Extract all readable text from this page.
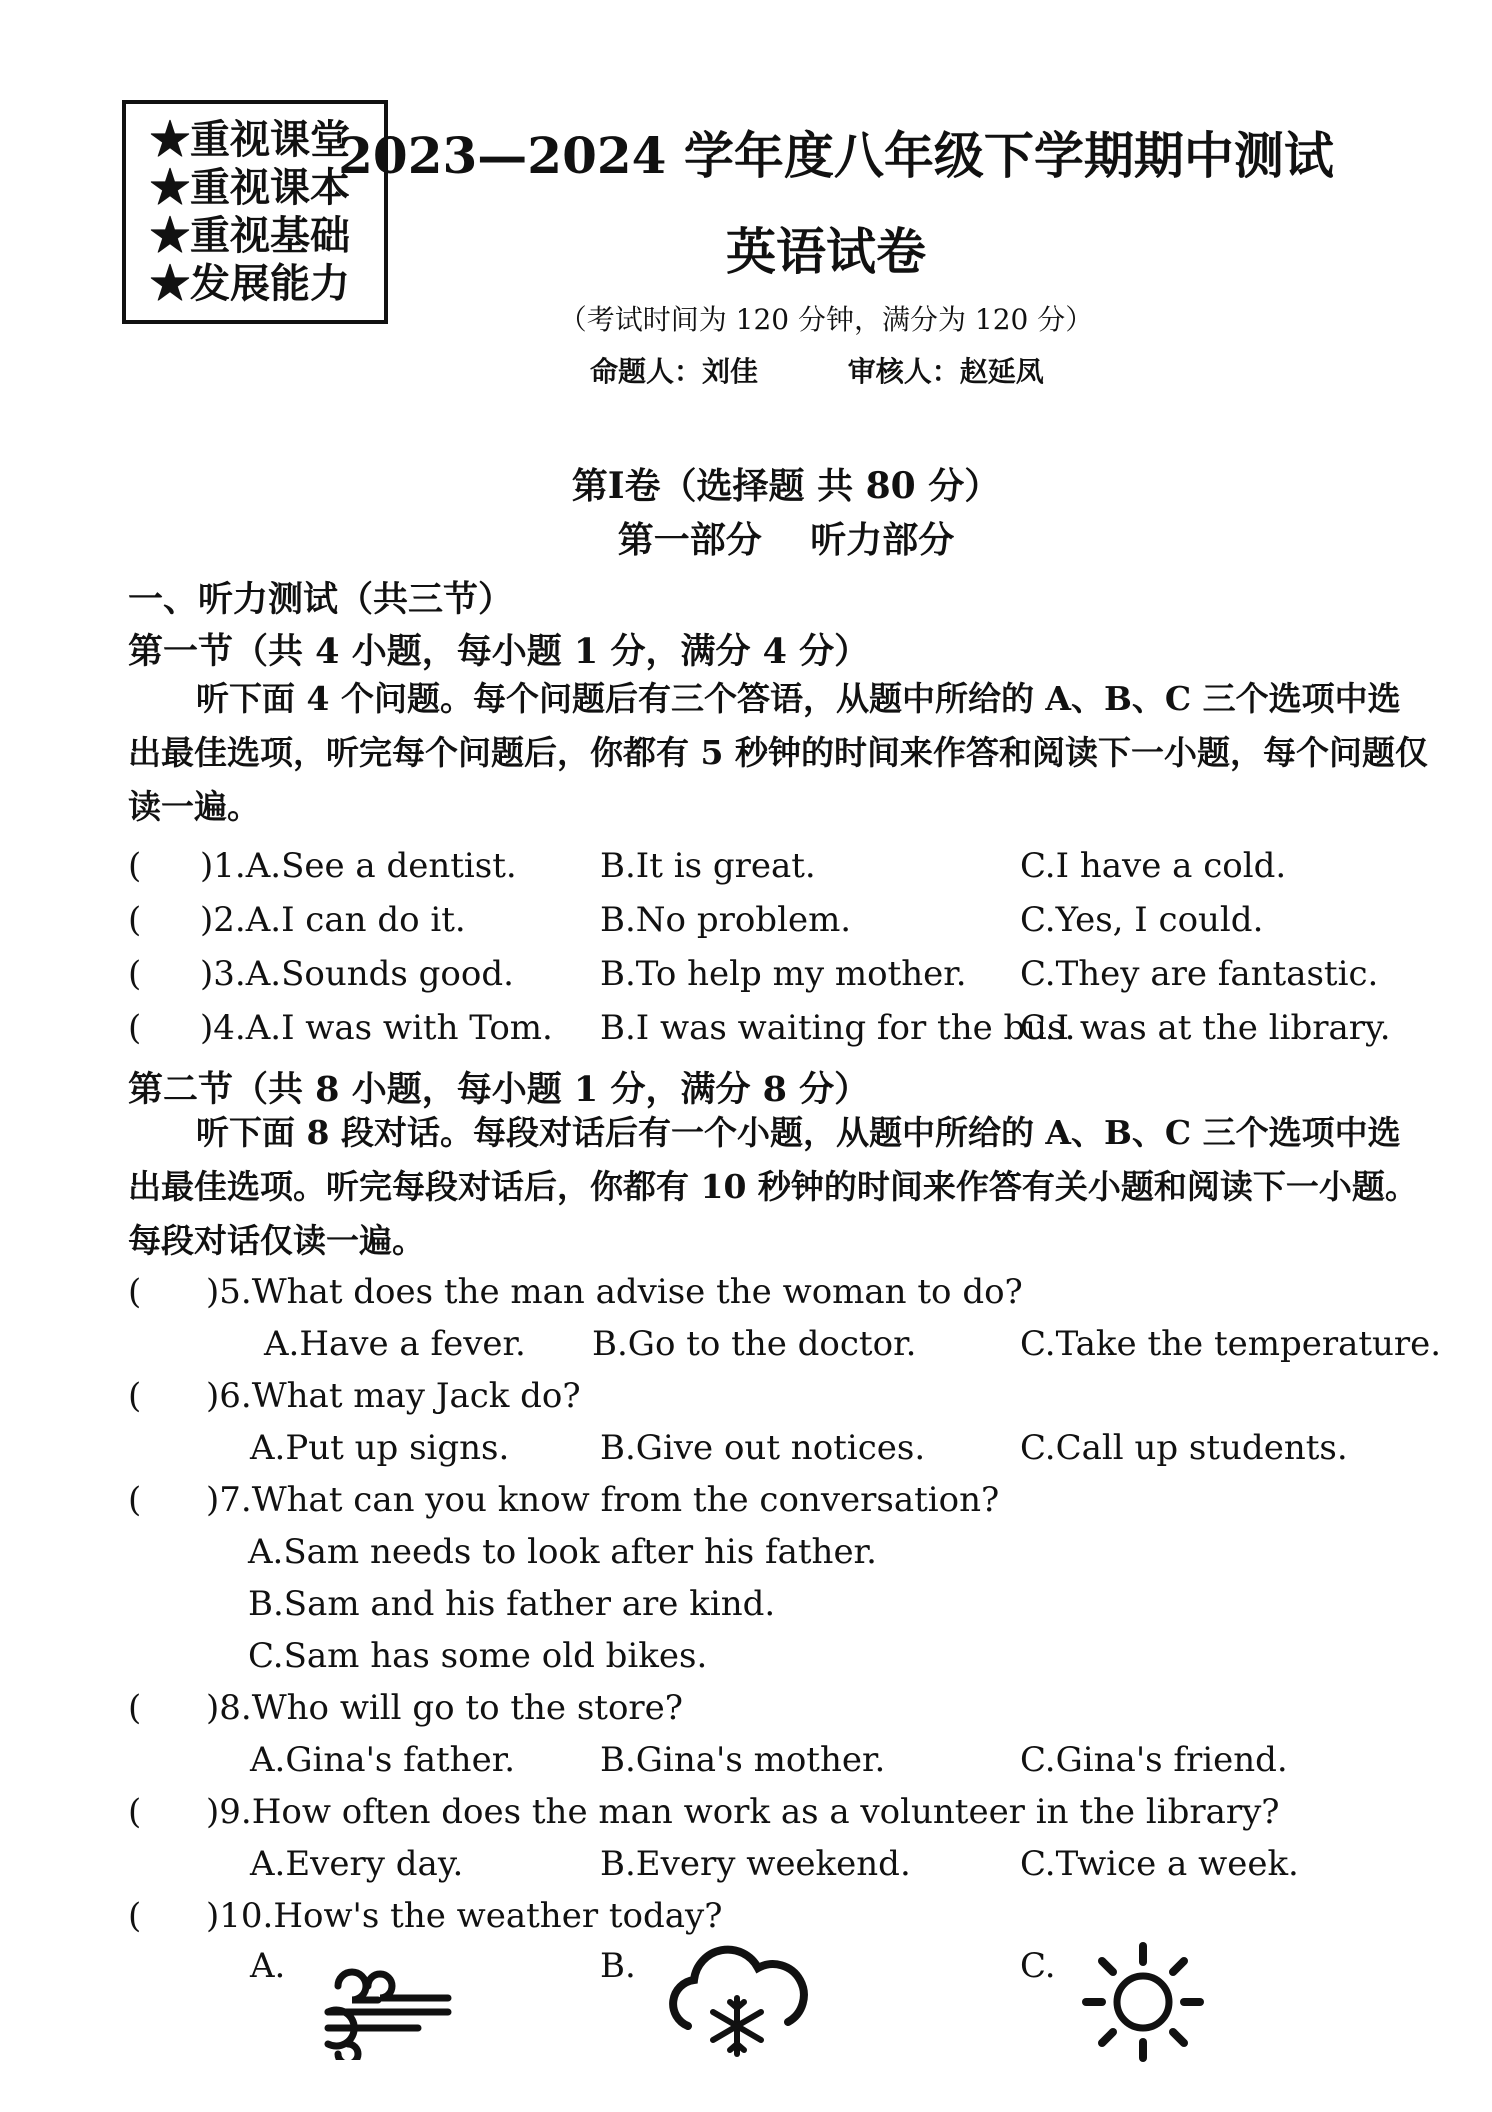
★重视课堂
★重视课本
★重视基础
★发展能力
2023—2024 学年度八年级下学期期中测试
英语试卷
（考试时间为 120 分钟，满分为 120 分）
命题人：刘佳	审核人：赵延凤
第Ⅰ卷（选择题 共 80 分）
第一部分　 听力部分
一、听力测试（共三节）
第一节（共 4 小题，每小题 1 分，满分 4 分）
听下面 4 个问题。每个问题后有三个答语，从题中所给的 A、B、C 三个选项中选出最佳选项，听完每个问题后，你都有 5 秒钟的时间来作答和阅读下一小题，每个问题仅读一遍。
( )1.A.See a dentist. B.It is great.	C.I have a cold.
( )2.A.I can do it.	B.No problem.	C.Yes, I could.
( )3.A.Sounds good.	B.To help my mother. C.They are fantastic.
( )4.A.I was with Tom. B.I was waiting for the bus.
C.I was at the library.
第二节（共 8 小题，每小题 1 分，满分 8 分）
听下面 8 段对话。每段对话后有一个小题，从题中所给的 A、B、C 三个选项中选出最佳选项。听完每段对话后，你都有 10 秒钟的时间来作答有关小题和阅读下一小题。每段对话仅读一遍。
( )5.What does the man advise the woman to do?
A.Have a fever. B.Go to the doctor.	C.Take the temperature.
( )6.What may Jack do?
A.Put up signs.	B.Give out notices.	C.Call up students.
( )7.What can you know from the conversation?
A.Sam needs to look after his father.
B.Sam and his father are kind.
C.Sam has some old bikes.
( )8.Who will go to the store?
A.Gina's father. B.Gina's mother.	C.Gina's friend.
( )9.How often does the man work as a volunteer in the library?
A.Every day.	B.Every weekend.	C.Twice a week.
( )10.How's the weather today?
A.	B.	C.
